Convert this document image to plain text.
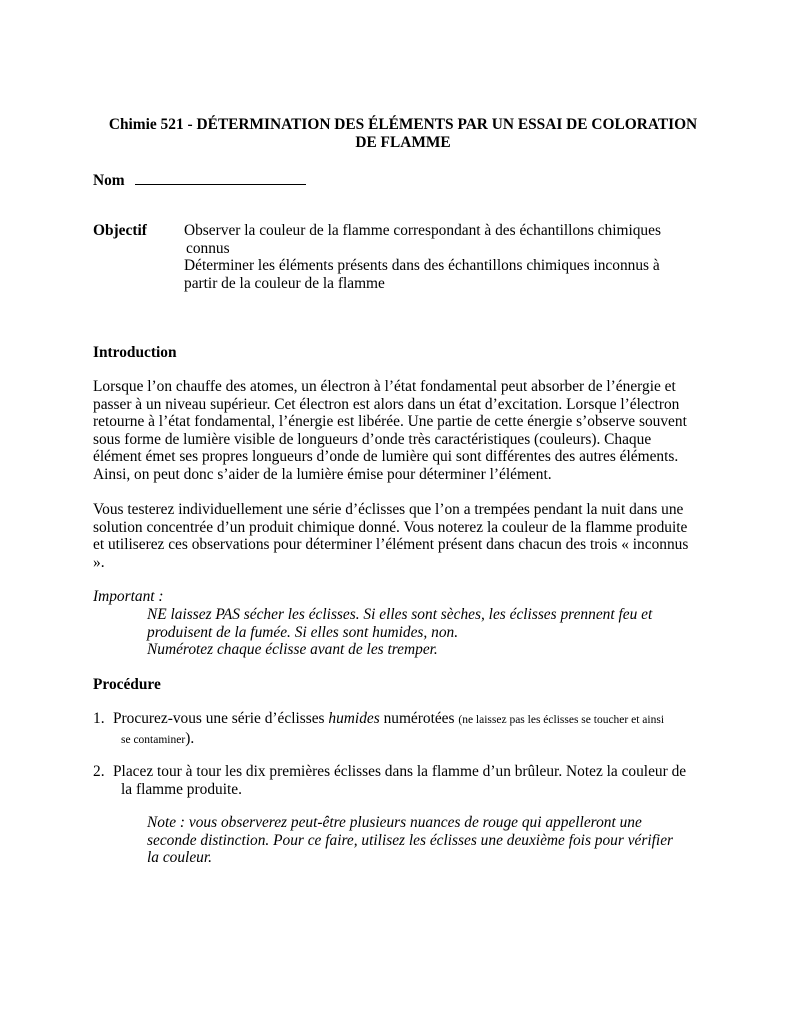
Chimie 521 - DÉTERMINATION DES ÉLÉMENTS PAR UN ESSAI DE COLORATION
DE FLAMME
Nom
Objectif Observer la couleur de la flamme correspondant à des échantillons chimiques
connus
Déterminer les éléments présents dans des échantillons chimiques inconnus à
partir de la couleur de la flamme
Introduction
Lorsque l’on chauffe des atomes, un électron à l’état fondamental peut absorber de l’énergie et
passer à un niveau supérieur. Cet électron est alors dans un état d’excitation. Lorsque l’électron
retourne à l’état fondamental, l’énergie est libérée. Une partie de cette énergie s’observe souvent
sous forme de lumière visible de longueurs d’onde très caractéristiques (couleurs). Chaque
élément émet ses propres longueurs d’onde de lumière qui sont différentes des autres éléments.
Ainsi, on peut donc s’aider de la lumière émise pour déterminer l’élément.
Vous testerez individuellement une série d’éclisses que l’on a trempées pendant la nuit dans une
solution concentrée d’un produit chimique donné. Vous noterez la couleur de la flamme produite
et utiliserez ces observations pour déterminer l’élément présent dans chacun des trois « inconnus
».
Important :
NE laissez PAS sécher les éclisses. Si elles sont sèches, les éclisses prennent feu et
produisent de la fumée. Si elles sont humides, non.
Numérotez chaque éclisse avant de les tremper.
Procédure
1. Procurez-vous une série d’éclisses humides numérotées (ne laissez pas les éclisses se toucher et ainsi
se contaminer).
2. Placez tour à tour les dix premières éclisses dans la flamme d’un brûleur. Notez la couleur de
la flamme produite.
Note : vous observerez peut-être plusieurs nuances de rouge qui appelleront une
seconde distinction. Pour ce faire, utilisez les éclisses une deuxième fois pour vérifier
la couleur.
